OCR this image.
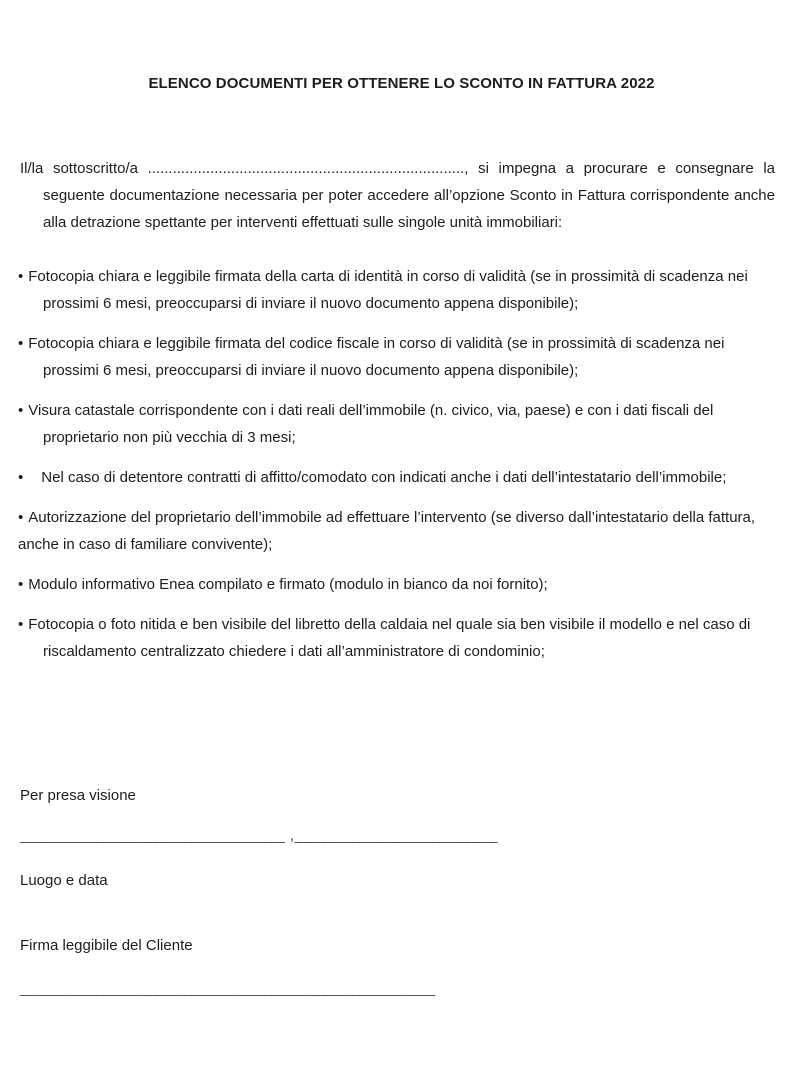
ELENCO DOCUMENTI PER OTTENERE LO SCONTO IN FATTURA 2022

Il/la sottoscritto/a ............................................................................, si impegna a procurare e consegnare la seguente documentazione necessaria per poter accedere all’opzione Sconto in Fattura corrispondente anche alla detrazione spettante per interventi effettuati sulle singole unità immobiliari:

• Fotocopia chiara e leggibile firmata della carta di identità in corso di validità (se in prossimità di scadenza nei prossimi 6 mesi, preoccuparsi di inviare il nuovo documento appena disponibile);
• Fotocopia chiara e leggibile firmata del codice fiscale in corso di validità (se in prossimità di scadenza nei prossimi 6 mesi, preoccuparsi di inviare il nuovo documento appena disponibile);
• Visura catastale corrispondente con i dati reali dell’immobile (n. civico, via, paese) e con i dati fiscali del proprietario non più vecchia di 3 mesi;
• Nel caso di detentore contratti di affitto/comodato con indicati anche i dati dell’intestatario dell’immobile;
• Autorizzazione del proprietario dell’immobile ad effettuare l’intervento (se diverso dall’intestatario della fattura, anche in caso di familiare convivente);
• Modulo informativo Enea compilato e firmato (modulo in bianco da noi fornito);
• Fotocopia o foto nitida e ben visibile del libretto della caldaia nel quale sia ben visibile il modello e nel caso di riscaldamento centralizzato chiedere i dati all’amministratore di condominio;
Per presa visione
______________________________ ,_______________________
Luogo e data
Firma leggibile del Cliente
_______________________________________________
